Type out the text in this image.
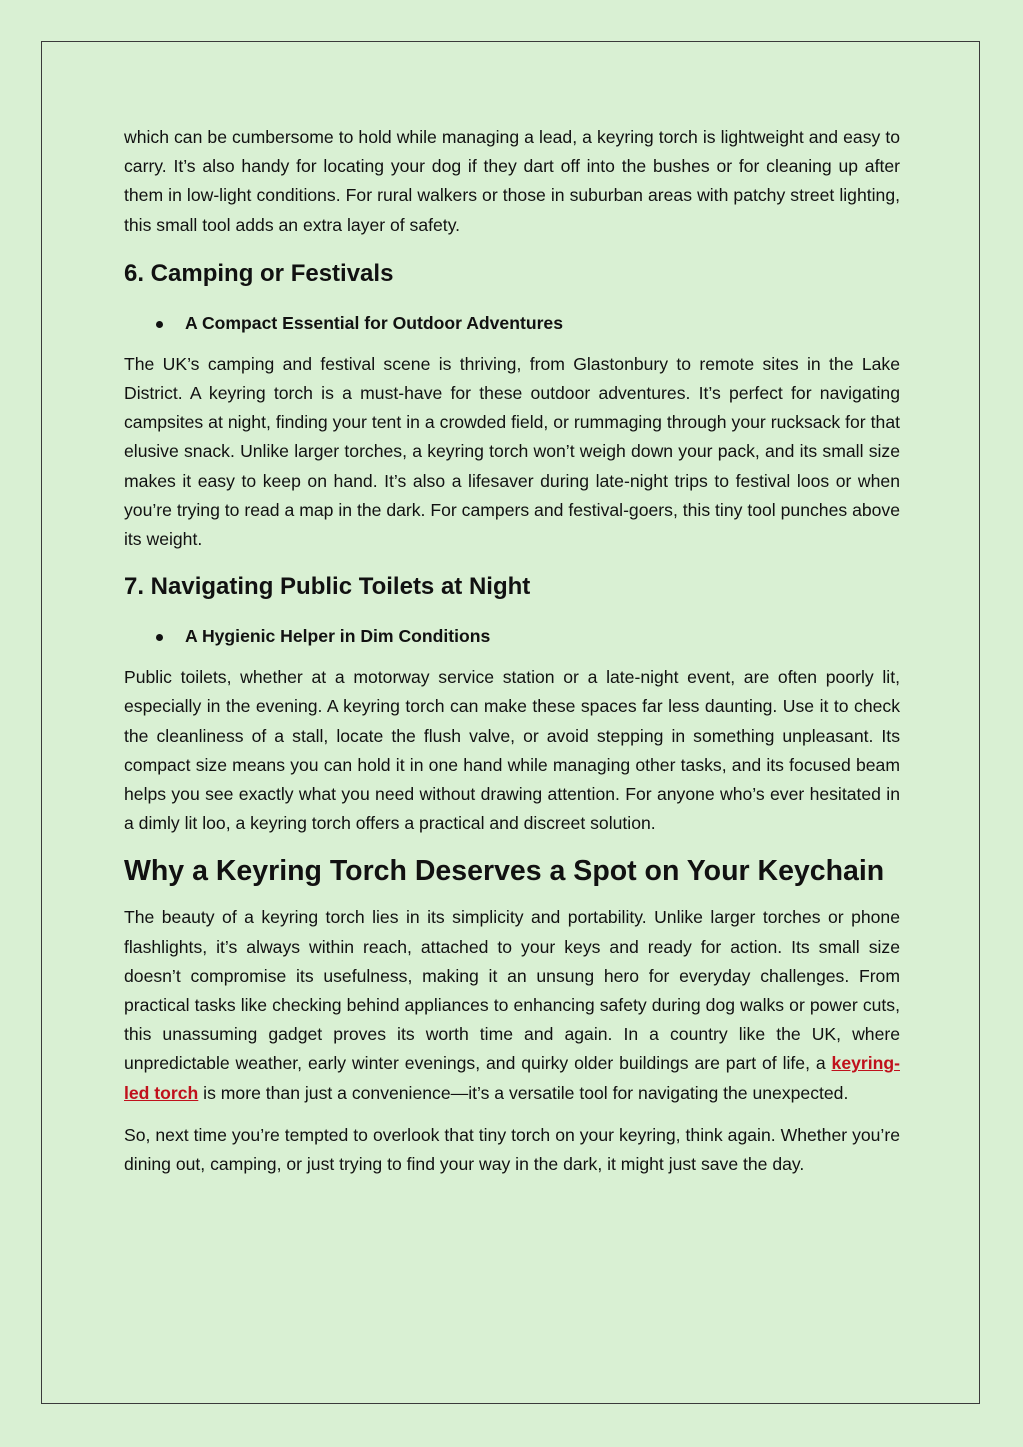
which can be cumbersome to hold while managing a lead, a keyring torch is lightweight and easy to carry. It’s also handy for locating your dog if they dart off into the bushes or for cleaning up after them in low-light conditions. For rural walkers or those in suburban areas with patchy street lighting, this small tool adds an extra layer of safety.

6. Camping or Festivals
A Compact Essential for Outdoor Adventures

The UK’s camping and festival scene is thriving, from Glastonbury to remote sites in the Lake District. A keyring torch is a must-have for these outdoor adventures. It’s perfect for navigating campsites at night, finding your tent in a crowded field, or rummaging through your rucksack for that elusive snack. Unlike larger torches, a keyring torch won’t weigh down your pack, and its small size makes it easy to keep on hand. It’s also a lifesaver during late-night trips to festival loos or when you’re trying to read a map in the dark. For campers and festival-goers, this tiny tool punches above its weight.

7. Navigating Public Toilets at Night
A Hygienic Helper in Dim Conditions

Public toilets, whether at a motorway service station or a late-night event, are often poorly lit, especially in the evening. A keyring torch can make these spaces far less daunting. Use it to check the cleanliness of a stall, locate the flush valve, or avoid stepping in something unpleasant. Its compact size means you can hold it in one hand while managing other tasks, and its focused beam helps you see exactly what you need without drawing attention. For anyone who’s ever hesitated in a dimly lit loo, a keyring torch offers a practical and discreet solution.

Why a Keyring Torch Deserves a Spot on Your Keychain

The beauty of a keyring torch lies in its simplicity and portability. Unlike larger torches or phone flashlights, it’s always within reach, attached to your keys and ready for action. Its small size doesn’t compromise its usefulness, making it an unsung hero for everyday challenges. From practical tasks like checking behind appliances to enhancing safety during dog walks or power cuts, this unassuming gadget proves its worth time and again. In a country like the UK, where unpredictable weather, early winter evenings, and quirky older buildings are part of life, a keyring-led torch is more than just a convenience—it’s a versatile tool for navigating the unexpected.

So, next time you’re tempted to overlook that tiny torch on your keyring, think again. Whether you’re dining out, camping, or just trying to find your way in the dark, it might just save the day.
